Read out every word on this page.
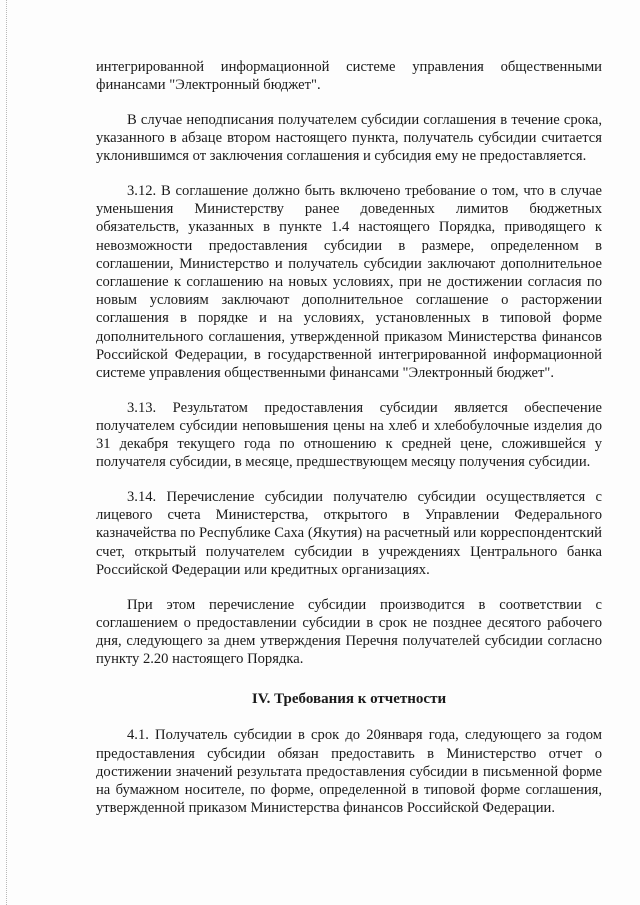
интегрированной информационной системе управления общественными финансами "Электронный бюджет".

В случае неподписания получателем субсидии соглашения в течение срока, указанного в абзаце втором настоящего пункта, получатель субсидии считается уклонившимся от заключения соглашения и субсидия ему не предоставляется.

3.12. В соглашение должно быть включено требование о том, что в случае уменьшения Министерству ранее доведенных лимитов бюджетных обязательств, указанных в пункте 1.4 настоящего Порядка, приводящего к невозможности предоставления субсидии в размере, определенном в соглашении, Министерство и получатель субсидии заключают дополнительное соглашение к соглашению на новых условиях, при не достижении согласия по новым условиям заключают дополнительное соглашение о расторжении соглашения в порядке и на условиях, установленных в типовой форме дополнительного соглашения, утвержденной приказом Министерства финансов Российской Федерации, в государственной интегрированной информационной системе управления общественными финансами "Электронный бюджет".

3.13. Результатом предоставления субсидии является обеспечение получателем субсидии неповышения цены на хлеб и хлебобулочные изделия до 31 декабря текущего года по отношению к средней цене, сложившейся у получателя субсидии, в месяце, предшествующем месяцу получения субсидии.

3.14. Перечисление субсидии получателю субсидии осуществляется с лицевого счета Министерства, открытого в Управлении Федерального казначейства по Республике Саха (Якутия) на расчетный или корреспондентский счет, открытый получателем субсидии в учреждениях Центрального банка Российской Федерации или кредитных организациях.

При этом перечисление субсидии производится в соответствии с соглашением о предоставлении субсидии в срок не позднее десятого рабочего дня, следующего за днем утверждения Перечня получателей субсидии согласно пункту 2.20 настоящего Порядка.

IV. Требования к отчетности

4.1. Получатель субсидии в срок до 20января года, следующего за годом предоставления субсидии обязан предоставить в Министерство отчет о достижении значений результата предоставления субсидии в письменной форме на бумажном носителе, по форме, определенной в типовой форме соглашения, утвержденной приказом Министерства финансов Российской Федерации.
